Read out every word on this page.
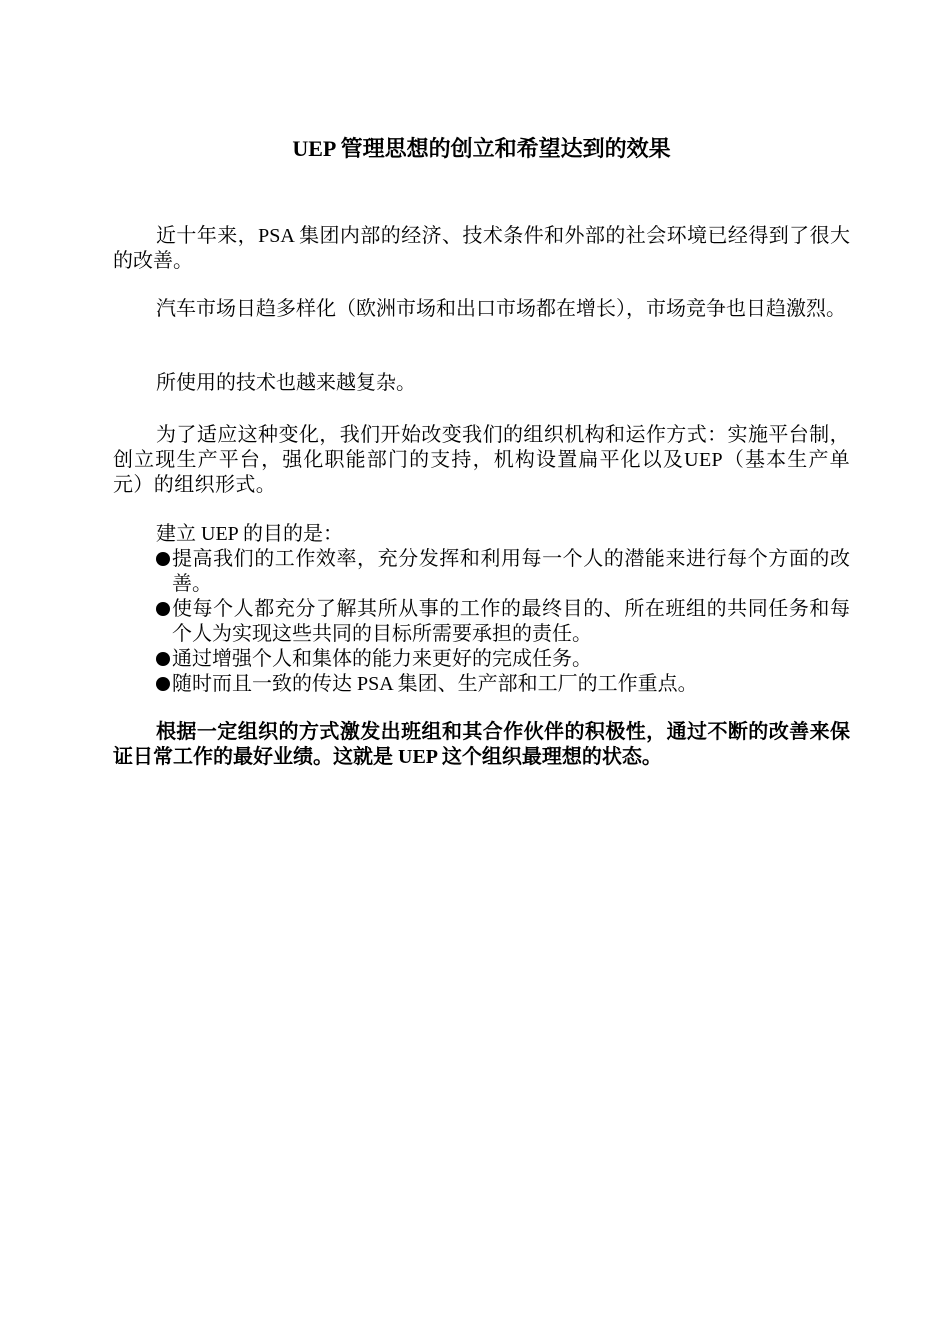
UEP 管理思想的创立和希望达到的效果

近十年来，PSA 集团内部的经济、技术条件和外部的社会环境已经得到了很大的改善。

汽车市场日趋多样化（欧洲市场和出口市场都在增长），市场竞争也日趋激烈。

所使用的技术也越来越复杂。

为了适应这种变化，我们开始改变我们的组织机构和运作方式：实施平台制，创立现生产平台，强化职能部门的支持，机构设置扁平化以及UEP（基本生产单元）的组织形式。

建立 UEP 的目的是：

提高我们的工作效率，充分发挥和利用每一个人的潜能来进行每个方面的改善。
使每个人都充分了解其所从事的工作的最终目的、所在班组的共同任务和每个人为实现这些共同的目标所需要承担的责任。
通过增强个人和集体的能力来更好的完成任务。
随时而且一致的传达 PSA 集团、生产部和工厂的工作重点。

根据一定组织的方式激发出班组和其合作伙伴的积极性，通过不断的改善来保证日常工作的最好业绩。这就是 UEP 这个组织最理想的状态。
